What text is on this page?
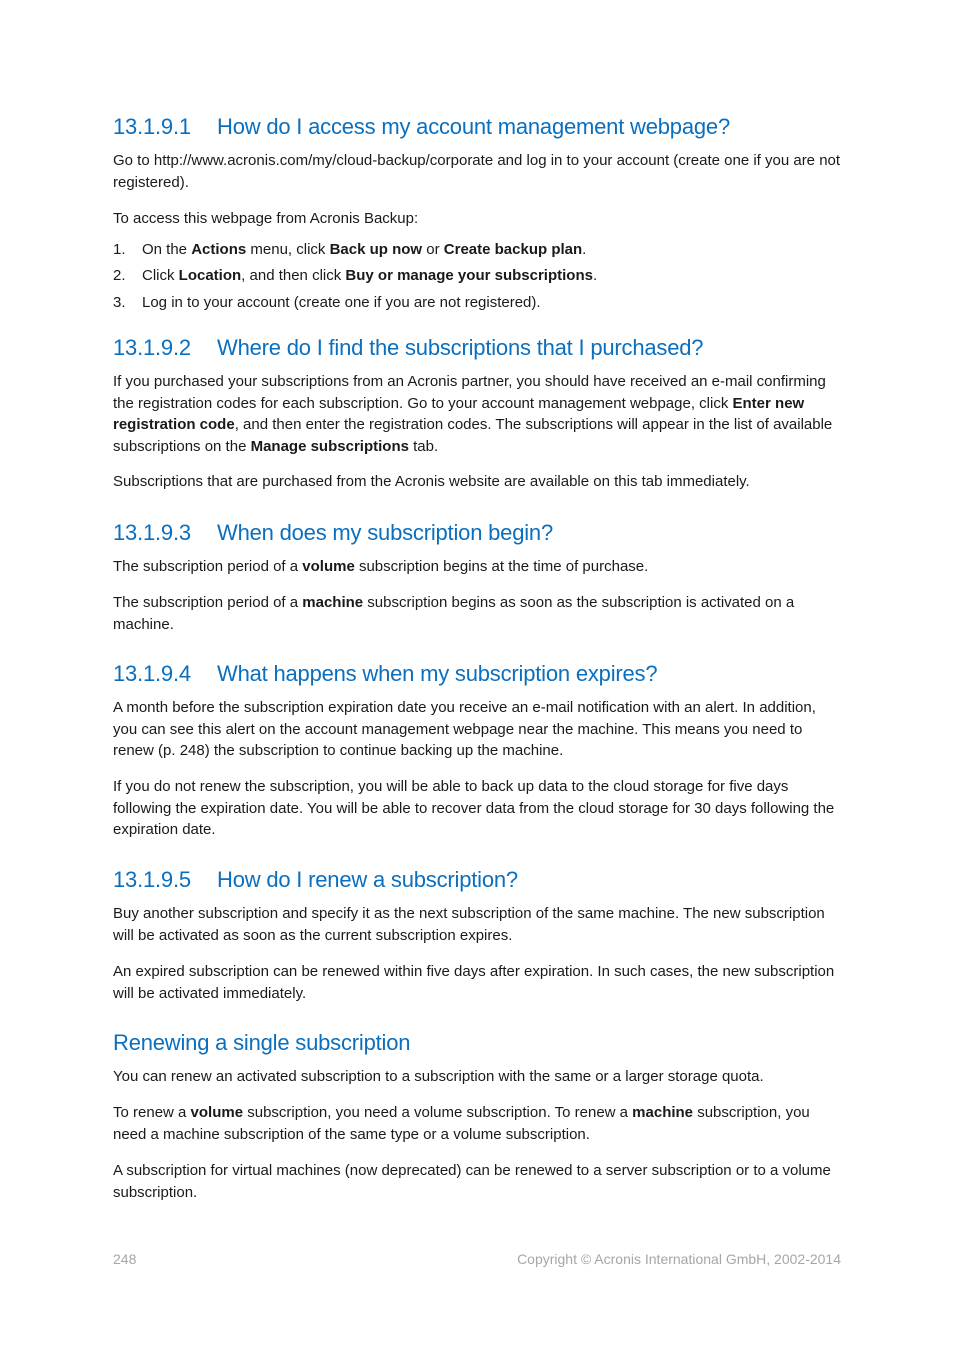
13.1.9.1 How do I access my account management webpage?

Go to http://www.acronis.com/my/cloud-backup/corporate and log in to your account (create one if you are not registered).

To access this webpage from Acronis Backup:

1. On the Actions menu, click Back up now or Create backup plan.
2. Click Location, and then click Buy or manage your subscriptions.
3. Log in to your account (create one if you are not registered).
13.1.9.2 Where do I find the subscriptions that I purchased?

If you purchased your subscriptions from an Acronis partner, you should have received an e-mail confirming the registration codes for each subscription. Go to your account management webpage, click Enter new registration code, and then enter the registration codes. The subscriptions will appear in the list of available subscriptions on the Manage subscriptions tab.

Subscriptions that are purchased from the Acronis website are available on this tab immediately.

13.1.9.3 When does my subscription begin?

The subscription period of a volume subscription begins at the time of purchase.

The subscription period of a machine subscription begins as soon as the subscription is activated on a machine.

13.1.9.4 What happens when my subscription expires?

A month before the subscription expiration date you receive an e-mail notification with an alert. In addition, you can see this alert on the account management webpage near the machine. This means you need to renew (p. 248) the subscription to continue backing up the machine.

If you do not renew the subscription, you will be able to back up data to the cloud storage for five days following the expiration date. You will be able to recover data from the cloud storage for 30 days following the expiration date.

13.1.9.5 How do I renew a subscription?

Buy another subscription and specify it as the next subscription of the same machine. The new subscription will be activated as soon as the current subscription expires.

An expired subscription can be renewed within five days after expiration. In such cases, the new subscription will be activated immediately.

Renewing a single subscription

You can renew an activated subscription to a subscription with the same or a larger storage quota.

To renew a volume subscription, you need a volume subscription. To renew a machine subscription, you need a machine subscription of the same type or a volume subscription.

A subscription for virtual machines (now deprecated) can be renewed to a server subscription or to a volume subscription.

248	Copyright © Acronis International GmbH, 2002-2014
